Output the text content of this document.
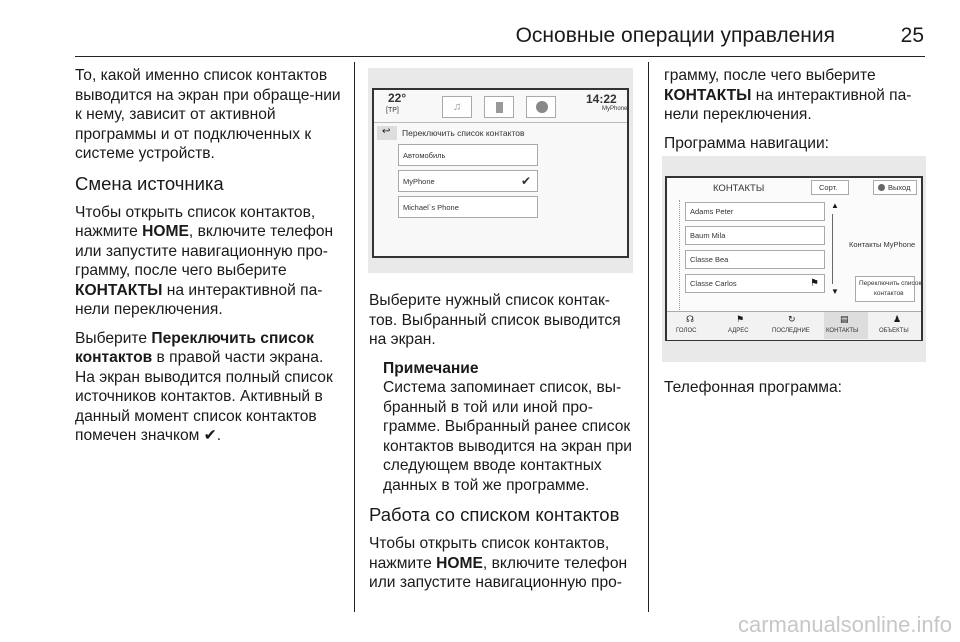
Основные операции управления	25

То, какой именно список контактов выводится на экран при обраще-нии к нему, зависит от активной программы и от подключенных к системе устройств.

Смена источника

Чтобы открыть список контактов, нажмите HOME, включите телефон или запустите навигационную про-грамму, после чего выберите КОНТАКТЫ на интерактивной па-нели переключения.

Выберите Переключить список контактов в правой части экрана. На экран выводится полный список источников контактов. Активный в данный момент список контактов помечен значком ✔.

22°
[TP]	♫
14:22
MyPhone
↩ Переключить список контактов
Автомобиль
MyPhone	✔
Michael`s Phone

Выберите нужный список контак-тов. Выбранный список выводится на экран.

Примечание

Система запоминает список, вы-бранный в той или иной про-грамме. Выбранный ранее список контактов выводится на экран при следующем вводе контактных данных в той же программе.

Работа со списком контактов

Чтобы открыть список контактов, нажмите HOME, включите телефон или запустите навигационную про-

грамму, после чего выберите КОНТАКТЫ на интерактивной па-нели переключения.

Программа навигации:

КОНТАКТЫ	Сорт.	Выход
Adams Peter
Baum Mila
Classe Bea
Classe Carlos	⚑
▲
▼
Контакты MyPhone
Переключить список
контактов
☊
ГОЛОС
⚑
АДРЕС
↻
ПОСЛЕДНИЕ
▤
КОНТАКТЫ
♟
ОБЪЕКТЫ

Телефонная программа:

carmanualsonline.info
